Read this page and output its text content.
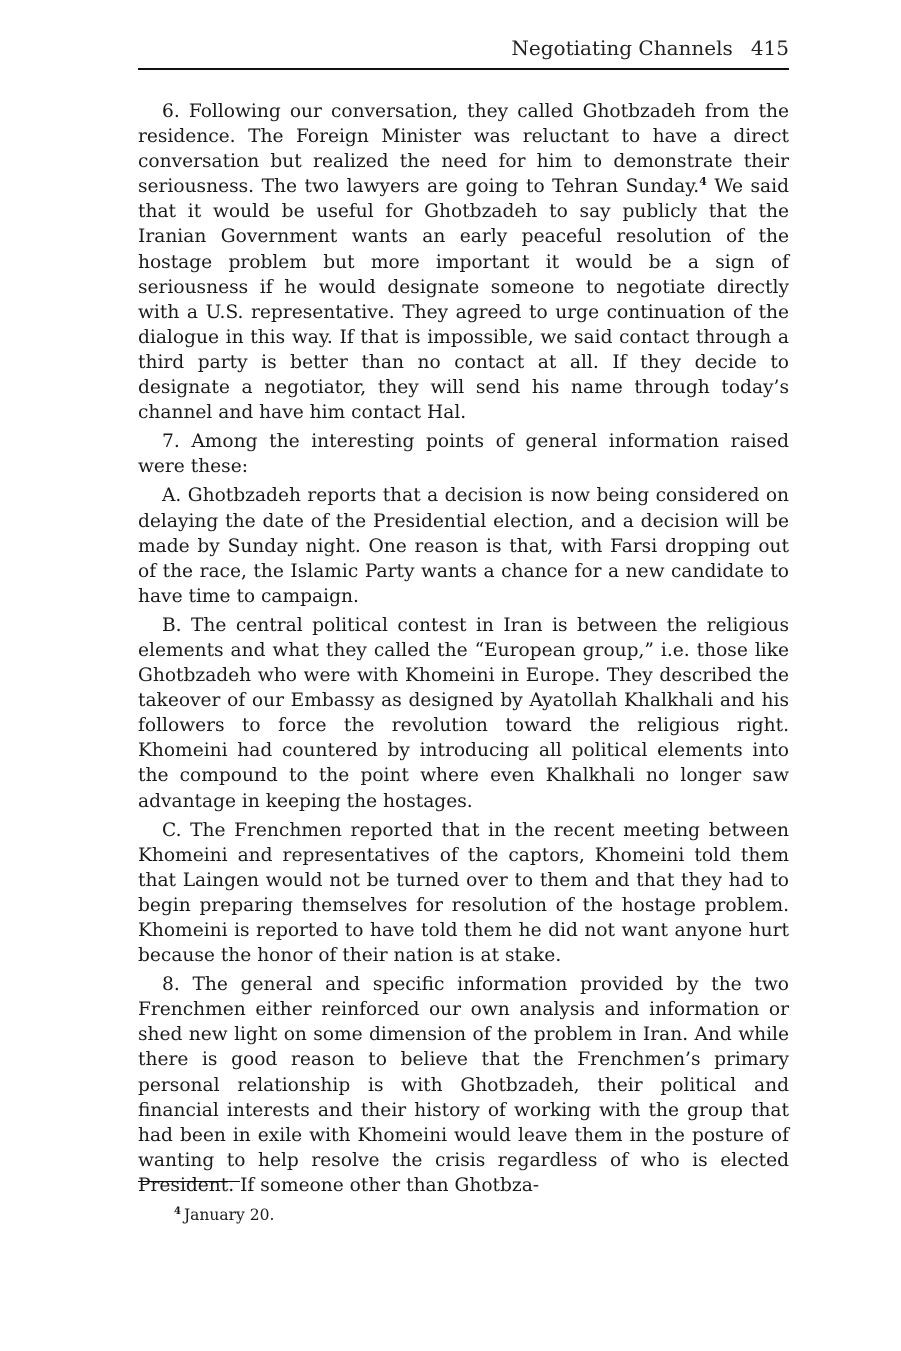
Negotiating Channels 415

6. Following our conversation, they called Ghotbzadeh from the residence. The Foreign Minister was reluctant to have a direct conversation but realized the need for him to demonstrate their seriousness. The two lawyers are going to Tehran Sunday.$^4$ We said that it would be useful for Ghotbzadeh to say publicly that the Iranian Government wants an early peaceful resolution of the hostage problem but more important it would be a sign of seriousness if he would designate someone to negotiate directly with a U.S. representative. They agreed to urge continuation of the dialogue in this way. If that is impossible, we said contact through a third party is better than no contact at all. If they decide to designate a negotiator, they will send his name through today’s channel and have him contact Hal.

7. Among the interesting points of general information raised were these:

A. Ghotbzadeh reports that a decision is now being considered on delaying the date of the Presidential election, and a decision will be made by Sunday night. One reason is that, with Farsi dropping out of the race, the Islamic Party wants a chance for a new candidate to have time to campaign.

B. The central political contest in Iran is between the religious elements and what they called the “European group,” i.e. those like Ghotbzadeh who were with Khomeini in Europe. They described the takeover of our Embassy as designed by Ayatollah Khalkhali and his followers to force the revolution toward the religious right. Khomeini had countered by introducing all political elements into the compound to the point where even Khalkhali no longer saw advantage in keeping the hostages.

C. The Frenchmen reported that in the recent meeting between Khomeini and representatives of the captors, Khomeini told them that Laingen would not be turned over to them and that they had to begin preparing themselves for resolution of the hostage problem. Khomeini is reported to have told them he did not want anyone hurt because the honor of their nation is at stake.

8. The general and specific information provided by the two Frenchmen either reinforced our own analysis and information or shed new light on some dimension of the problem in Iran. And while there is good reason to believe that the Frenchmen’s primary personal relationship is with Ghotbzadeh, their political and financial interests and their history of working with the group that had been in exile with Khomeini would leave them in the posture of wanting to help resolve the crisis regardless of who is elected President. If someone other than Ghotbza-

$^4$ January 20.
